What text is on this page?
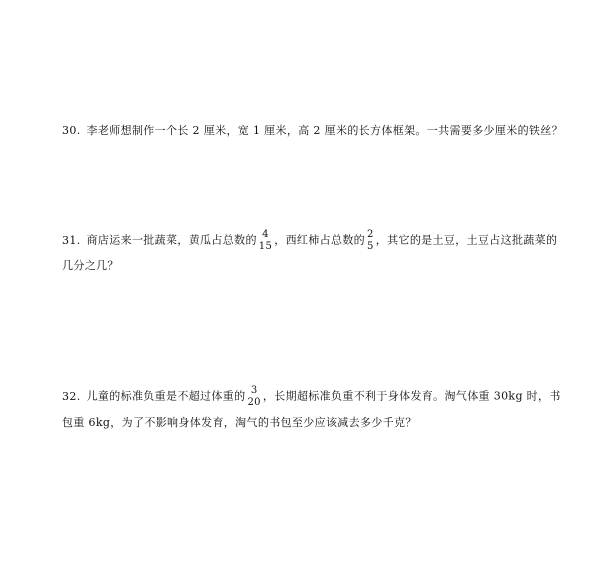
30. 李老师想制作一个长 2 厘米，宽 1 厘米，高 2 厘米的长方体框架。一共需要多少厘米的铁丝？
31. 商店运来一批蔬菜，黄瓜占总数的 4
15 ，西红柿占总数的 2
5 ，其它的是土豆，土豆占这批蔬菜的
几分之几？
32. 儿童的标准负重是不超过体重的 3
20 ，长期超标准负重不利于身体发育。淘气体重 30kg 时，书
包重 6kg，为了不影响身体发育，淘气的书包至少应该减去多少千克？
